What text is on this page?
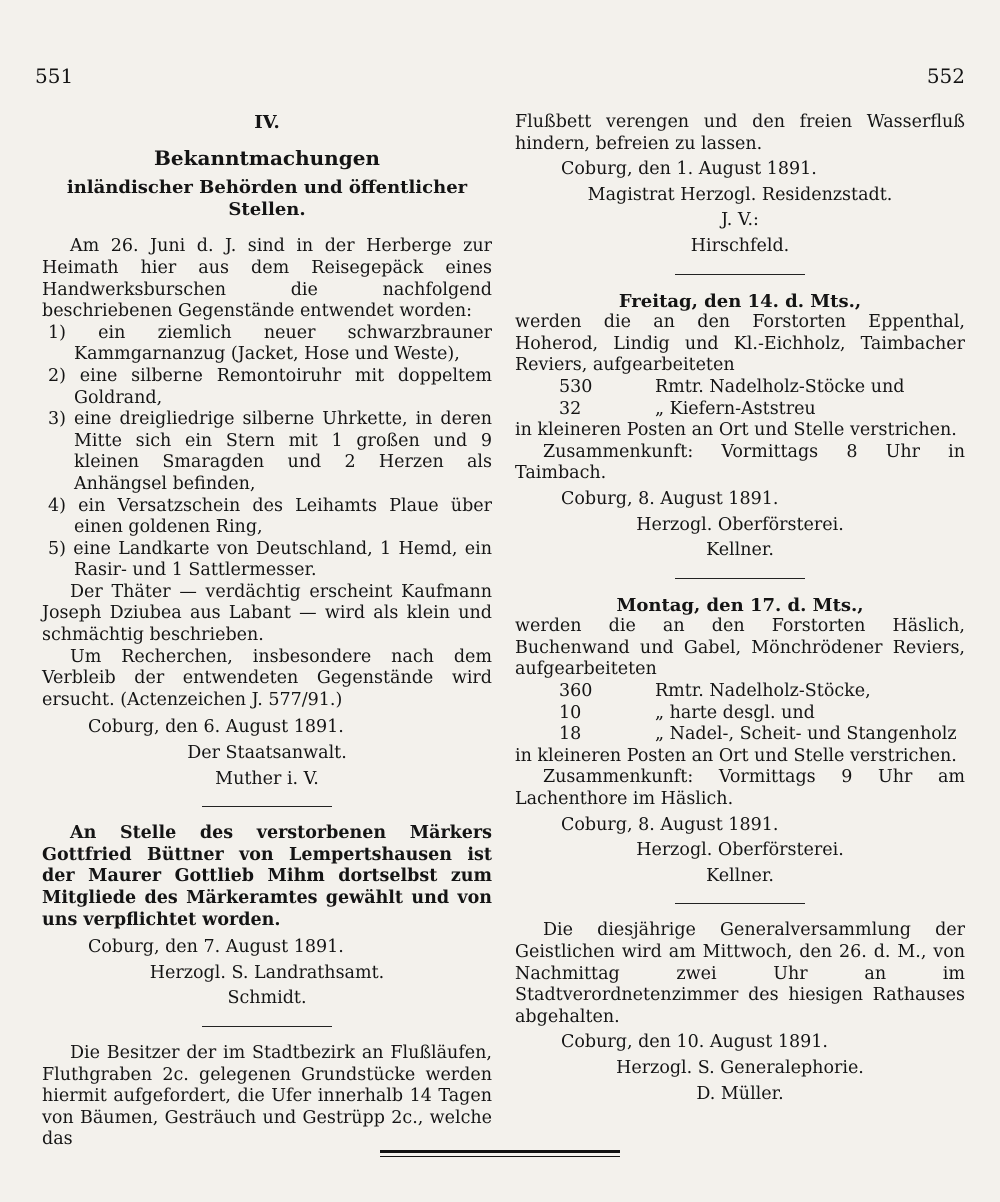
551	552

IV.

Bekanntmachungen

inländischer Behörden und öffentlicher Stellen.

Am 26. Juni d. J. sind in der Herberge zur Heimath hier aus dem Reisegepäck eines Handwerksburschen die nachfolgend beschriebenen Gegenstände entwendet worden:

1) ein ziemlich neuer schwarzbrauner Kammgarnanzug (Jacket, Hose und Weste),

2) eine silberne Remontoiruhr mit doppeltem Goldrand,

3) eine dreigliedrige silberne Uhrkette, in deren Mitte sich ein Stern mit 1 großen und 9 kleinen Smaragden und 2 Herzen als Anhängsel befinden,

4) ein Versatzschein des Leihamts Plaue über einen goldenen Ring,

5) eine Landkarte von Deutschland, 1 Hemd, ein Rasir- und 1 Sattlermesser.

Der Thäter — verdächtig erscheint Kaufmann Joseph Dziubea aus Labant — wird als klein und schmächtig beschrieben.

Um Recherchen, insbesondere nach dem Verbleib der entwendeten Gegenstände wird ersucht. (Actenzeichen J. 577/91.)

Coburg, den 6. August 1891.

Der Staatsanwalt.

Muther i. V.

An Stelle des verstorbenen Märkers Gottfried Büttner von Lempertshausen ist der Maurer Gottlieb Mihm dortselbst zum Mitgliede des Märkeramtes gewählt und von uns verpflichtet worden.

Coburg, den 7. August 1891.

Herzogl. S. Landrathsamt.

Schmidt.

Die Besitzer der im Stadtbezirk an Flußläufen, Fluthgraben 2c. gelegenen Grundstücke werden hiermit aufgefordert, die Ufer innerhalb 14 Tagen von Bäumen, Gesträuch und Gestrüpp 2c., welche das

Flußbett verengen und den freien Wasserfluß hindern, befreien zu lassen.

Coburg, den 1. August 1891.

Magistrat Herzogl. Residenzstadt.

J. V.:

Hirschfeld.

Freitag, den 14. d. Mts.,

werden die an den Forstorten Eppenthal, Hoherod, Lindig und Kl.-Eichholz, Taimbacher Reviers, aufgearbeiteten

530	Rmtr. Nadelholz-Stöcke und
32	„ Kiefern-Aststreu

in kleineren Posten an Ort und Stelle verstrichen.

Zusammenkunft: Vormittags 8 Uhr in Taimbach.

Coburg, 8. August 1891.

Herzogl. Oberförsterei.

Kellner.

Montag, den 17. d. Mts.,

werden die an den Forstorten Häslich, Buchenwand und Gabel, Mönchrödener Reviers, aufgearbeiteten

360	Rmtr. Nadelholz-Stöcke,
10	„ harte desgl. und
18	„ Nadel-, Scheit- und Stangenholz

in kleineren Posten an Ort und Stelle verstrichen.

Zusammenkunft: Vormittags 9 Uhr am Lachenthore im Häslich.

Coburg, 8. August 1891.

Herzogl. Oberförsterei.

Kellner.

Die diesjährige Generalversammlung der Geistlichen wird am Mittwoch, den 26. d. M., von Nachmittag zwei Uhr an im Stadtverordnetenzimmer des hiesigen Rathauses abgehalten.

Coburg, den 10. August 1891.

Herzogl. S. Generalephorie.

D. Müller.
